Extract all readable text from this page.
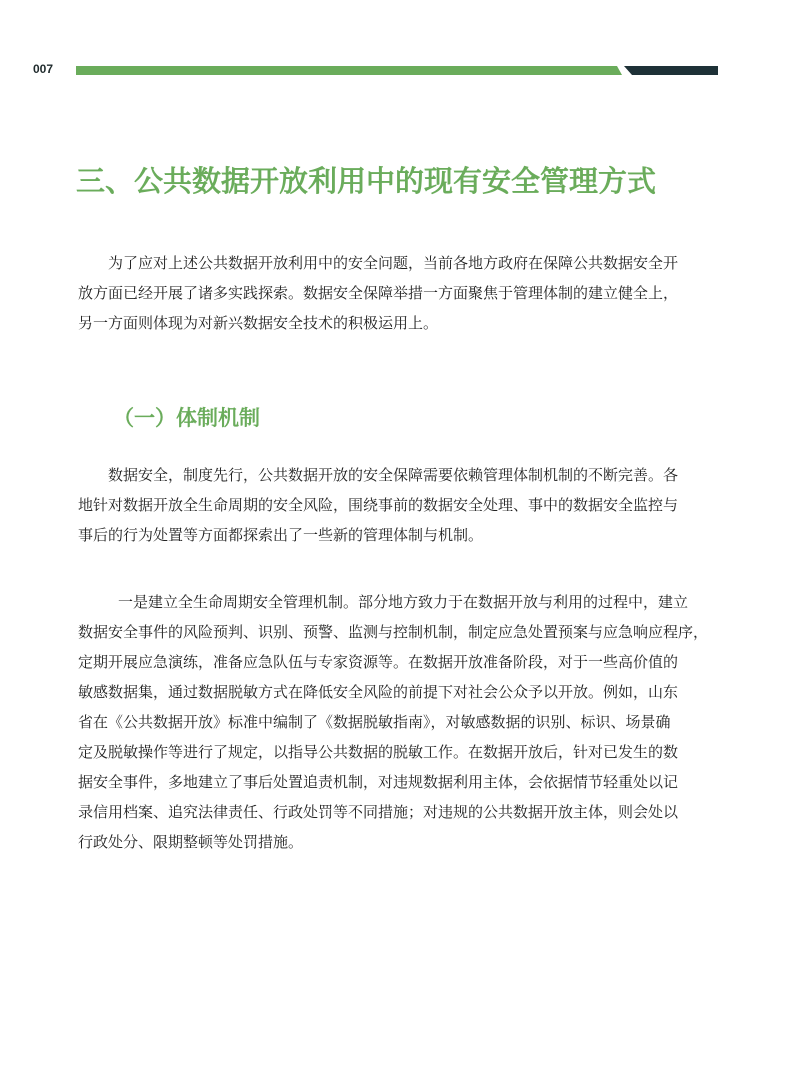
007
三、公共数据开放利用中的现有安全管理方式

为了应对上述公共数据开放利用中的安全问题，当前各地方政府在保障公共数据安全开
放方面已经开展了诸多实践探索。数据安全保障举措一方面聚焦于管理体制的建立健全上，
另一方面则体现为对新兴数据安全技术的积极运用上。

（一）体制机制

数据安全，制度先行，公共数据开放的安全保障需要依赖管理体制机制的不断完善。各
地针对数据开放全生命周期的安全风险，围绕事前的数据安全处理、事中的数据安全监控与
事后的行为处置等方面都探索出了一些新的管理体制与机制。

一是建立全生命周期安全管理机制。部分地方致力于在数据开放与利用的过程中，建立
数据安全事件的风险预判、识别、预警、监测与控制机制，制定应急处置预案与应急响应程序，
定期开展应急演练，准备应急队伍与专家资源等。在数据开放准备阶段，对于一些高价值的
敏感数据集，通过数据脱敏方式在降低安全风险的前提下对社会公众予以开放。例如，山东
省在《公共数据开放》标准中编制了《数据脱敏指南》，对敏感数据的识别、标识、场景确
定及脱敏操作等进行了规定，以指导公共数据的脱敏工作。在数据开放后，针对已发生的数
据安全事件，多地建立了事后处置追责机制，对违规数据利用主体，会依据情节轻重处以记
录信用档案、追究法律责任、行政处罚等不同措施；对违规的公共数据开放主体，则会处以
行政处分、限期整顿等处罚措施。
